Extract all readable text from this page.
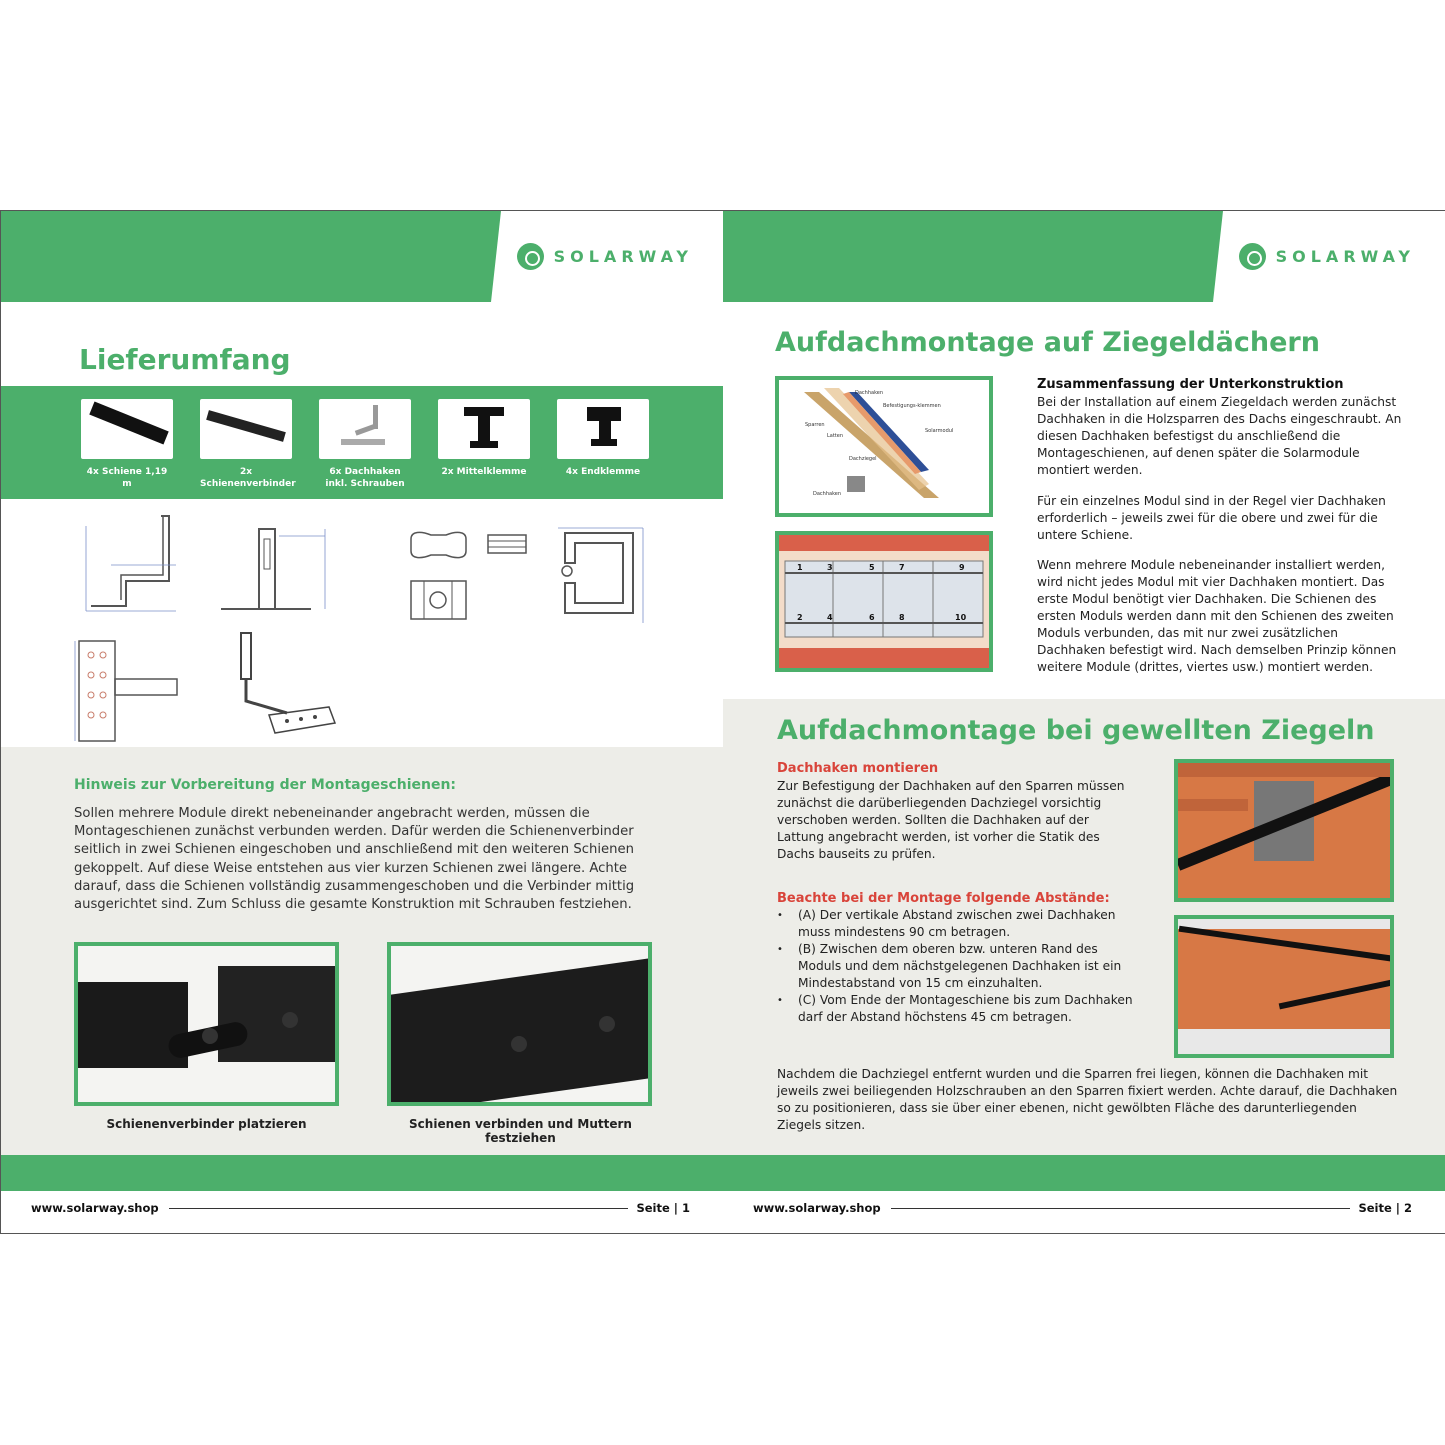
SOLARWAY
Lieferumfang
4x Schiene 1,19 m
2x Schienenverbinder
6x Dachhaken inkl. Schrauben
2x Mittelklemme	4x Endklemme
Hinweis zur Vorbereitung der Montageschienen:
Sollen mehrere Module direkt nebeneinander angebracht werden, müssen die Montageschienen zunächst verbunden werden. Dafür werden die Schienenverbinder seitlich in zwei Schienen eingeschoben und anschließend mit den weiteren Schienen gekoppelt. Auf diese Weise entstehen aus vier kurzen Schienen zwei längere. Achte darauf, dass die Schienen vollständig zusammengeschoben und die Verbinder mittig ausgerichtet sind. Zum Schluss die gesamte Konstruktion mit Schrauben festziehen.
Schienenverbinder platzieren	Schienen verbinden und Muttern festziehen
www.solarway.shop	Seite | 1
SOLARWAY
Aufdachmontage auf Ziegeldächern
Dachhaken
Befestigungs-klemmen
Sparren
Latten
Solarmodul
Dachziegel
Dachhaken
1	3	5	7	9
2	4	6	8	10
Zusammenfassung der Unterkonstruktion
Bei der Installation auf einem Ziegeldach werden zunächst Dachhaken in die Holzsparren des Dachs eingeschraubt. An diesen Dachhaken befestigst du anschließend die Montageschienen, auf denen später die Solarmodule montiert werden.
Für ein einzelnes Modul sind in der Regel vier Dachhaken erforderlich – jeweils zwei für die obere und zwei für die untere Schiene.
Wenn mehrere Module nebeneinander installiert werden, wird nicht jedes Modul mit vier Dachhaken montiert. Das erste Modul benötigt vier Dachhaken. Die Schienen des ersten Moduls werden dann mit den Schienen des zweiten Moduls verbunden, das mit nur zwei zusätzlichen Dachhaken befestigt wird. Nach demselben Prinzip können weitere Module (drittes, viertes usw.) montiert werden.
Aufdachmontage bei gewellten Ziegeln
Dachhaken montieren
Zur Befestigung der Dachhaken auf den Sparren müssen zunächst die darüberliegenden Dachziegel vorsichtig verschoben werden. Sollten die Dachhaken auf der Lattung angebracht werden, ist vorher die Statik des Dachs bauseits zu prüfen.
Beachte bei der Montage folgende Abstände:
• (A) Der vertikale Abstand zwischen zwei Dachhaken muss mindestens 90 cm betragen.
• (B) Zwischen dem oberen bzw. unteren Rand des Moduls und dem nächstgelegenen Dachhaken ist ein Mindestabstand von 15 cm einzuhalten.
• (C) Vom Ende der Montageschiene bis zum Dachhaken darf der Abstand höchstens 45 cm betragen.
Nachdem die Dachziegel entfernt wurden und die Sparren frei liegen, können die Dachhaken mit jeweils zwei beiliegenden Holzschrauben an den Sparren fixiert werden. Achte darauf, die Dachhaken so zu positionieren, dass sie über einer ebenen, nicht gewölbten Fläche des darunterliegenden Ziegels sitzen.
www.solarway.shop	Seite | 2
